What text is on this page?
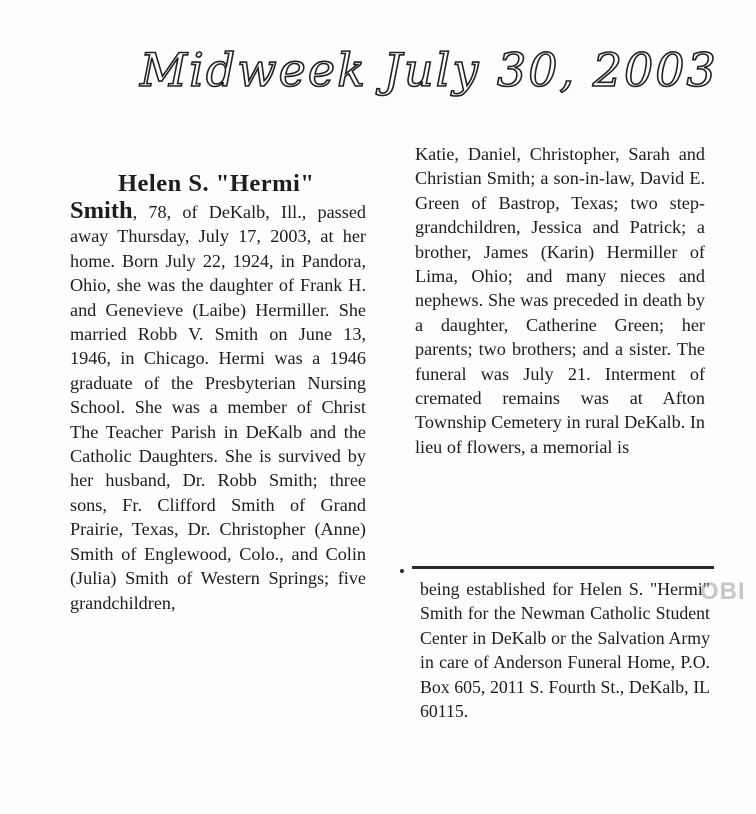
Midweek July 30, 2003
Helen S. "Hermi"
Smith, 78, of DeKalb, Ill., passed away Thursday, July 17, 2003, at her home. Born July 22, 1924, in Pandora, Ohio, she was the daughter of Frank H. and Genevieve (Laibe) Hermiller. She married Robb V. Smith on June 13, 1946, in Chicago. Hermi was a 1946 graduate of the Presbyterian Nursing School. She was a member of Christ The Teacher Parish in DeKalb and the Catholic Daughters. She is survived by her husband, Dr. Robb Smith; three sons, Fr. Clifford Smith of Grand Prairie, Texas, Dr. Christopher (Anne) Smith of Englewood, Colo., and Colin (Julia) Smith of Western Springs; five grandchildren,
Katie, Daniel, Christopher, Sarah and Christian Smith; a son-in-law, David E. Green of Bastrop, Texas; two step-grandchildren, Jessica and Patrick; a brother, James (Karin) Hermiller of Lima, Ohio; and many nieces and nephews. She was preceded in death by a daughter, Catherine Green; her parents; two brothers; and a sister. The funeral was July 21. Interment of cremated remains was at Afton Township Cemetery in rural DeKalb. In lieu of flowers, a memorial is
being established for Helen S. "Hermi" Smith for the Newman Catholic Student Center in DeKalb or the Salvation Army in care of Anderson Funeral Home, P.O. Box 605, 2011 S. Fourth St., DeKalb, IL 60115.
OBI
